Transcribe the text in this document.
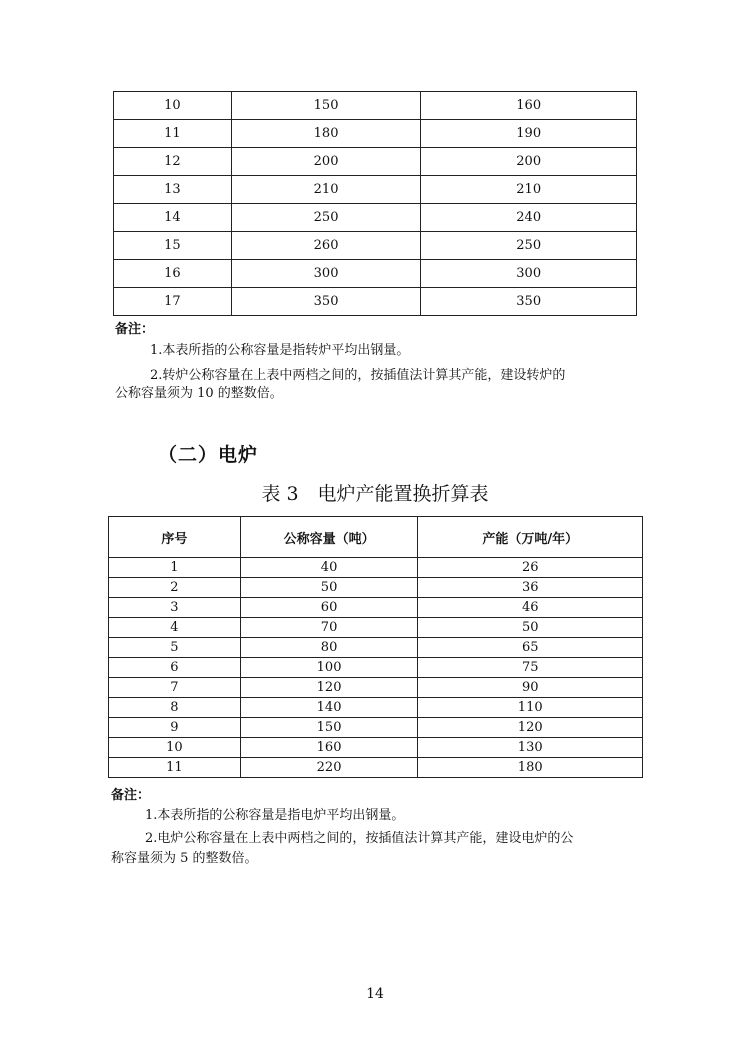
10	150	160
11	180	190
12	200	200
13	210	210
14	250	240
15	260	250
16	300	300
17	350	350
备注：
1.本表所指的公称容量是指转炉平均出钢量。
2.转炉公称容量在上表中两档之间的，按插值法计算其产能，建设转炉的
公称容量须为 10 的整数倍。
（二）电炉
表 3　电炉产能置换折算表
序号	公称容量（吨）	产能（万吨/年）
1	40	26
2	50	36
3	60	46
4	70	50
5	80	65
6	100	75
7	120	90
8	140	110
9	150	120
10	160	130
11	220	180
备注：
1.本表所指的公称容量是指电炉平均出钢量。
2.电炉公称容量在上表中两档之间的，按插值法计算其产能，建设电炉的公
称容量须为 5 的整数倍。
14
